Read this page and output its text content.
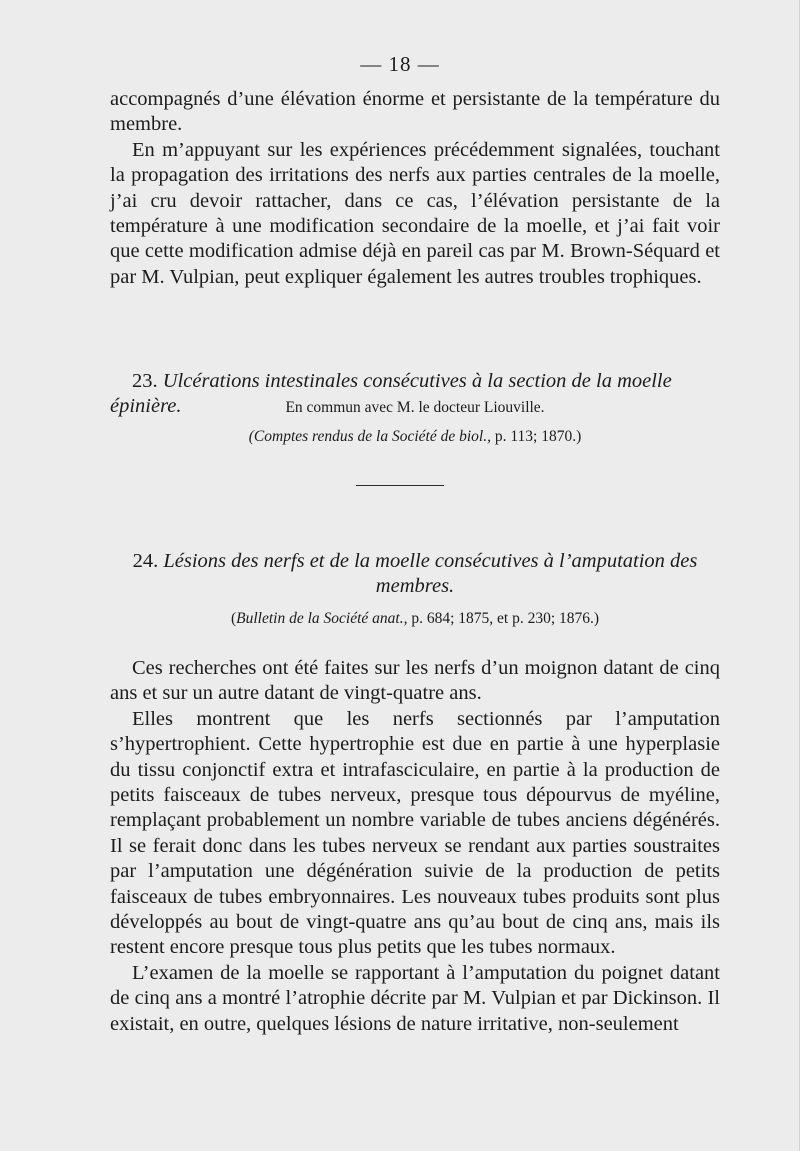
— 18 —

accompagnés d’une élévation énorme et persistante de la température du membre.

En m’appuyant sur les expériences précédemment signalées, touchant la propagation des irritations des nerfs aux parties centrales de la moelle, j’ai cru devoir rattacher, dans ce cas, l’élévation persistante de la température à une modification secondaire de la moelle, et j’ai fait voir que cette modification admise déjà en pareil cas par M. Brown-Séquard et par M. Vulpian, peut expliquer également les autres troubles trophiques.

23. Ulcérations intestinales consécutives à la section de la moelle épinière.	En commun avec M. le docteur Liouville.
(Comptes rendus de la Société de biol., p. 113; 1870.)
24. Lésions des nerfs et de la moelle consécutives à l’amputation des membres.
(Bulletin de la Société anat., p. 684; 1875, et p. 230; 1876.)

Ces recherches ont été faites sur les nerfs d’un moignon datant de cinq ans et sur un autre datant de vingt-quatre ans.

Elles montrent que les nerfs sectionnés par l’amputation s’hypertrophient. Cette hypertrophie est due en partie à une hyperplasie du tissu conjonctif extra et intrafasciculaire, en partie à la production de petits faisceaux de tubes nerveux, presque tous dépourvus de myéline, remplaçant probablement un nombre variable de tubes anciens dégénérés. Il se ferait donc dans les tubes nerveux se rendant aux parties soustraites par l’amputation une dégénération suivie de la production de petits faisceaux de tubes embryonnaires. Les nouveaux tubes produits sont plus développés au bout de vingt-quatre ans qu’au bout de cinq ans, mais ils restent encore presque tous plus petits que les tubes normaux.

L’examen de la moelle se rapportant à l’amputation du poignet datant de cinq ans a montré l’atrophie décrite par M. Vulpian et par Dickinson. Il existait, en outre, quelques lésions de nature irritative, non-seulement
